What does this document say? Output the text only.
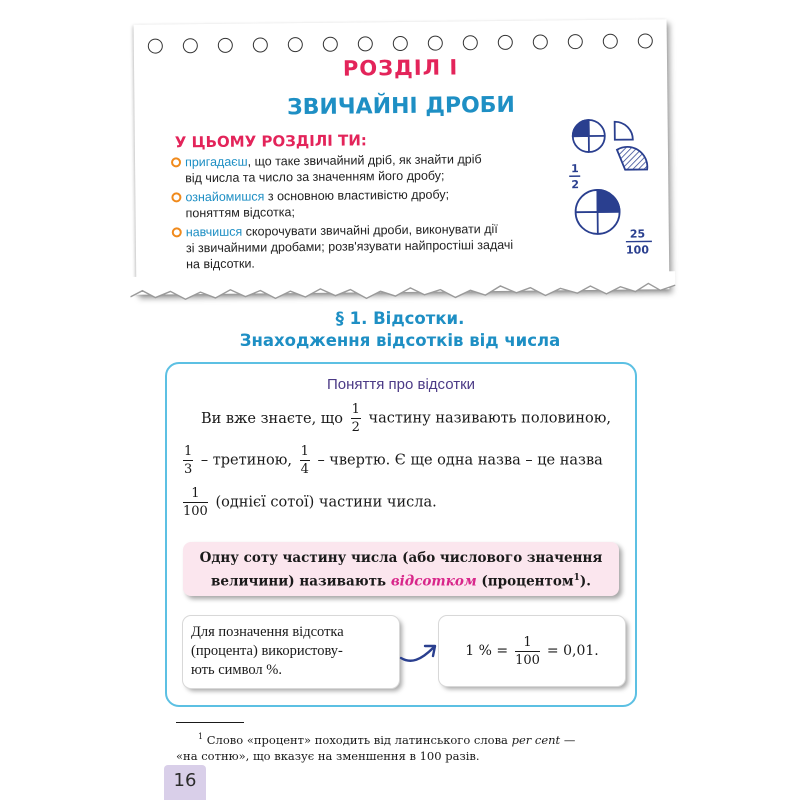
РОЗДІЛ І
ЗВИЧАЙНІ ДРОБИ
У ЦЬОМУ РОЗДІЛІ ТИ:
пригадаєш, що таке звичайний дріб, як знайти дріб
від числа та число за значенням його дробу;
ознайомишся з основною властивістю дробу;
поняттям відсотка;
навчишся скорочувати звичайні дроби, виконувати дії
зі звичайними дробами; розв'язувати найпростіші задачі
на відсотки.
1
2
25
100
§ 1. Відсотки.
Знаходження відсотків від числа
Поняття про відсотки
Ви вже знаєте, що $\frac{1}{2}$ частину називають половиною,
$\frac{1}{3}$ – третиною, $\frac{1}{4}$ – чвертю. Є ще одна назва – це назва
$\frac{1}{100}$ (однієї сотої) частини числа.
Одну соту частину числа (або числового значення
величини) називають відсотком (процентом$^1$).
Для позначення відсотка
(процента) використову-
ють символ %.
1 % = $\frac{1}{100} = 0,01$.
$^1$ Слово «процент» походить від латинського слова per cent —
«на сотню», що вказує на зменшення в 100 разів.
16
